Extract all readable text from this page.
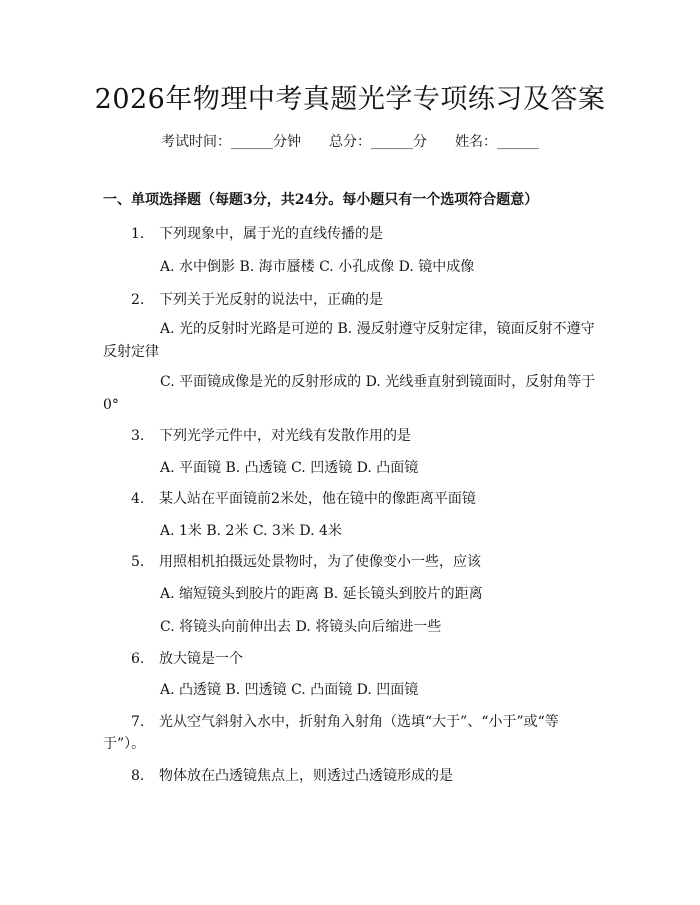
2026年物理中考真题光学专项练习及答案
考试时间：______分钟 总分：______分 姓名：______
一、单项选择题（每题3分，共24分。每小题只有一个选项符合题意）
1. 下列现象中，属于光的直线传播的是
A. 水中倒影 B. 海市蜃楼 C. 小孔成像 D. 镜中成像
2. 下列关于光反射的说法中，正确的是
A. 光的反射时光路是可逆的 B. 漫反射遵守反射定律，镜面反射不遵守
反射定律
C. 平面镜成像是光的反射形成的 D. 光线垂直射到镜面时，反射角等于
0°
3. 下列光学元件中，对光线有发散作用的是
A. 平面镜 B. 凸透镜 C. 凹透镜 D. 凸面镜
4. 某人站在平面镜前2米处，他在镜中的像距离平面镜
A. 1米 B. 2米 C. 3米 D. 4米
5. 用照相机拍摄远处景物时，为了使像变小一些，应该
A. 缩短镜头到胶片的距离 B. 延长镜头到胶片的距离
C. 将镜头向前伸出去 D. 将镜头向后缩进一些
6. 放大镜是一个
A. 凸透镜 B. 凹透镜 C. 凸面镜 D. 凹面镜
7. 光从空气斜射入水中，折射角入射角（选填“大于”、“小于”或“等
于”）。
8. 物体放在凸透镜焦点上，则透过凸透镜形成的是
